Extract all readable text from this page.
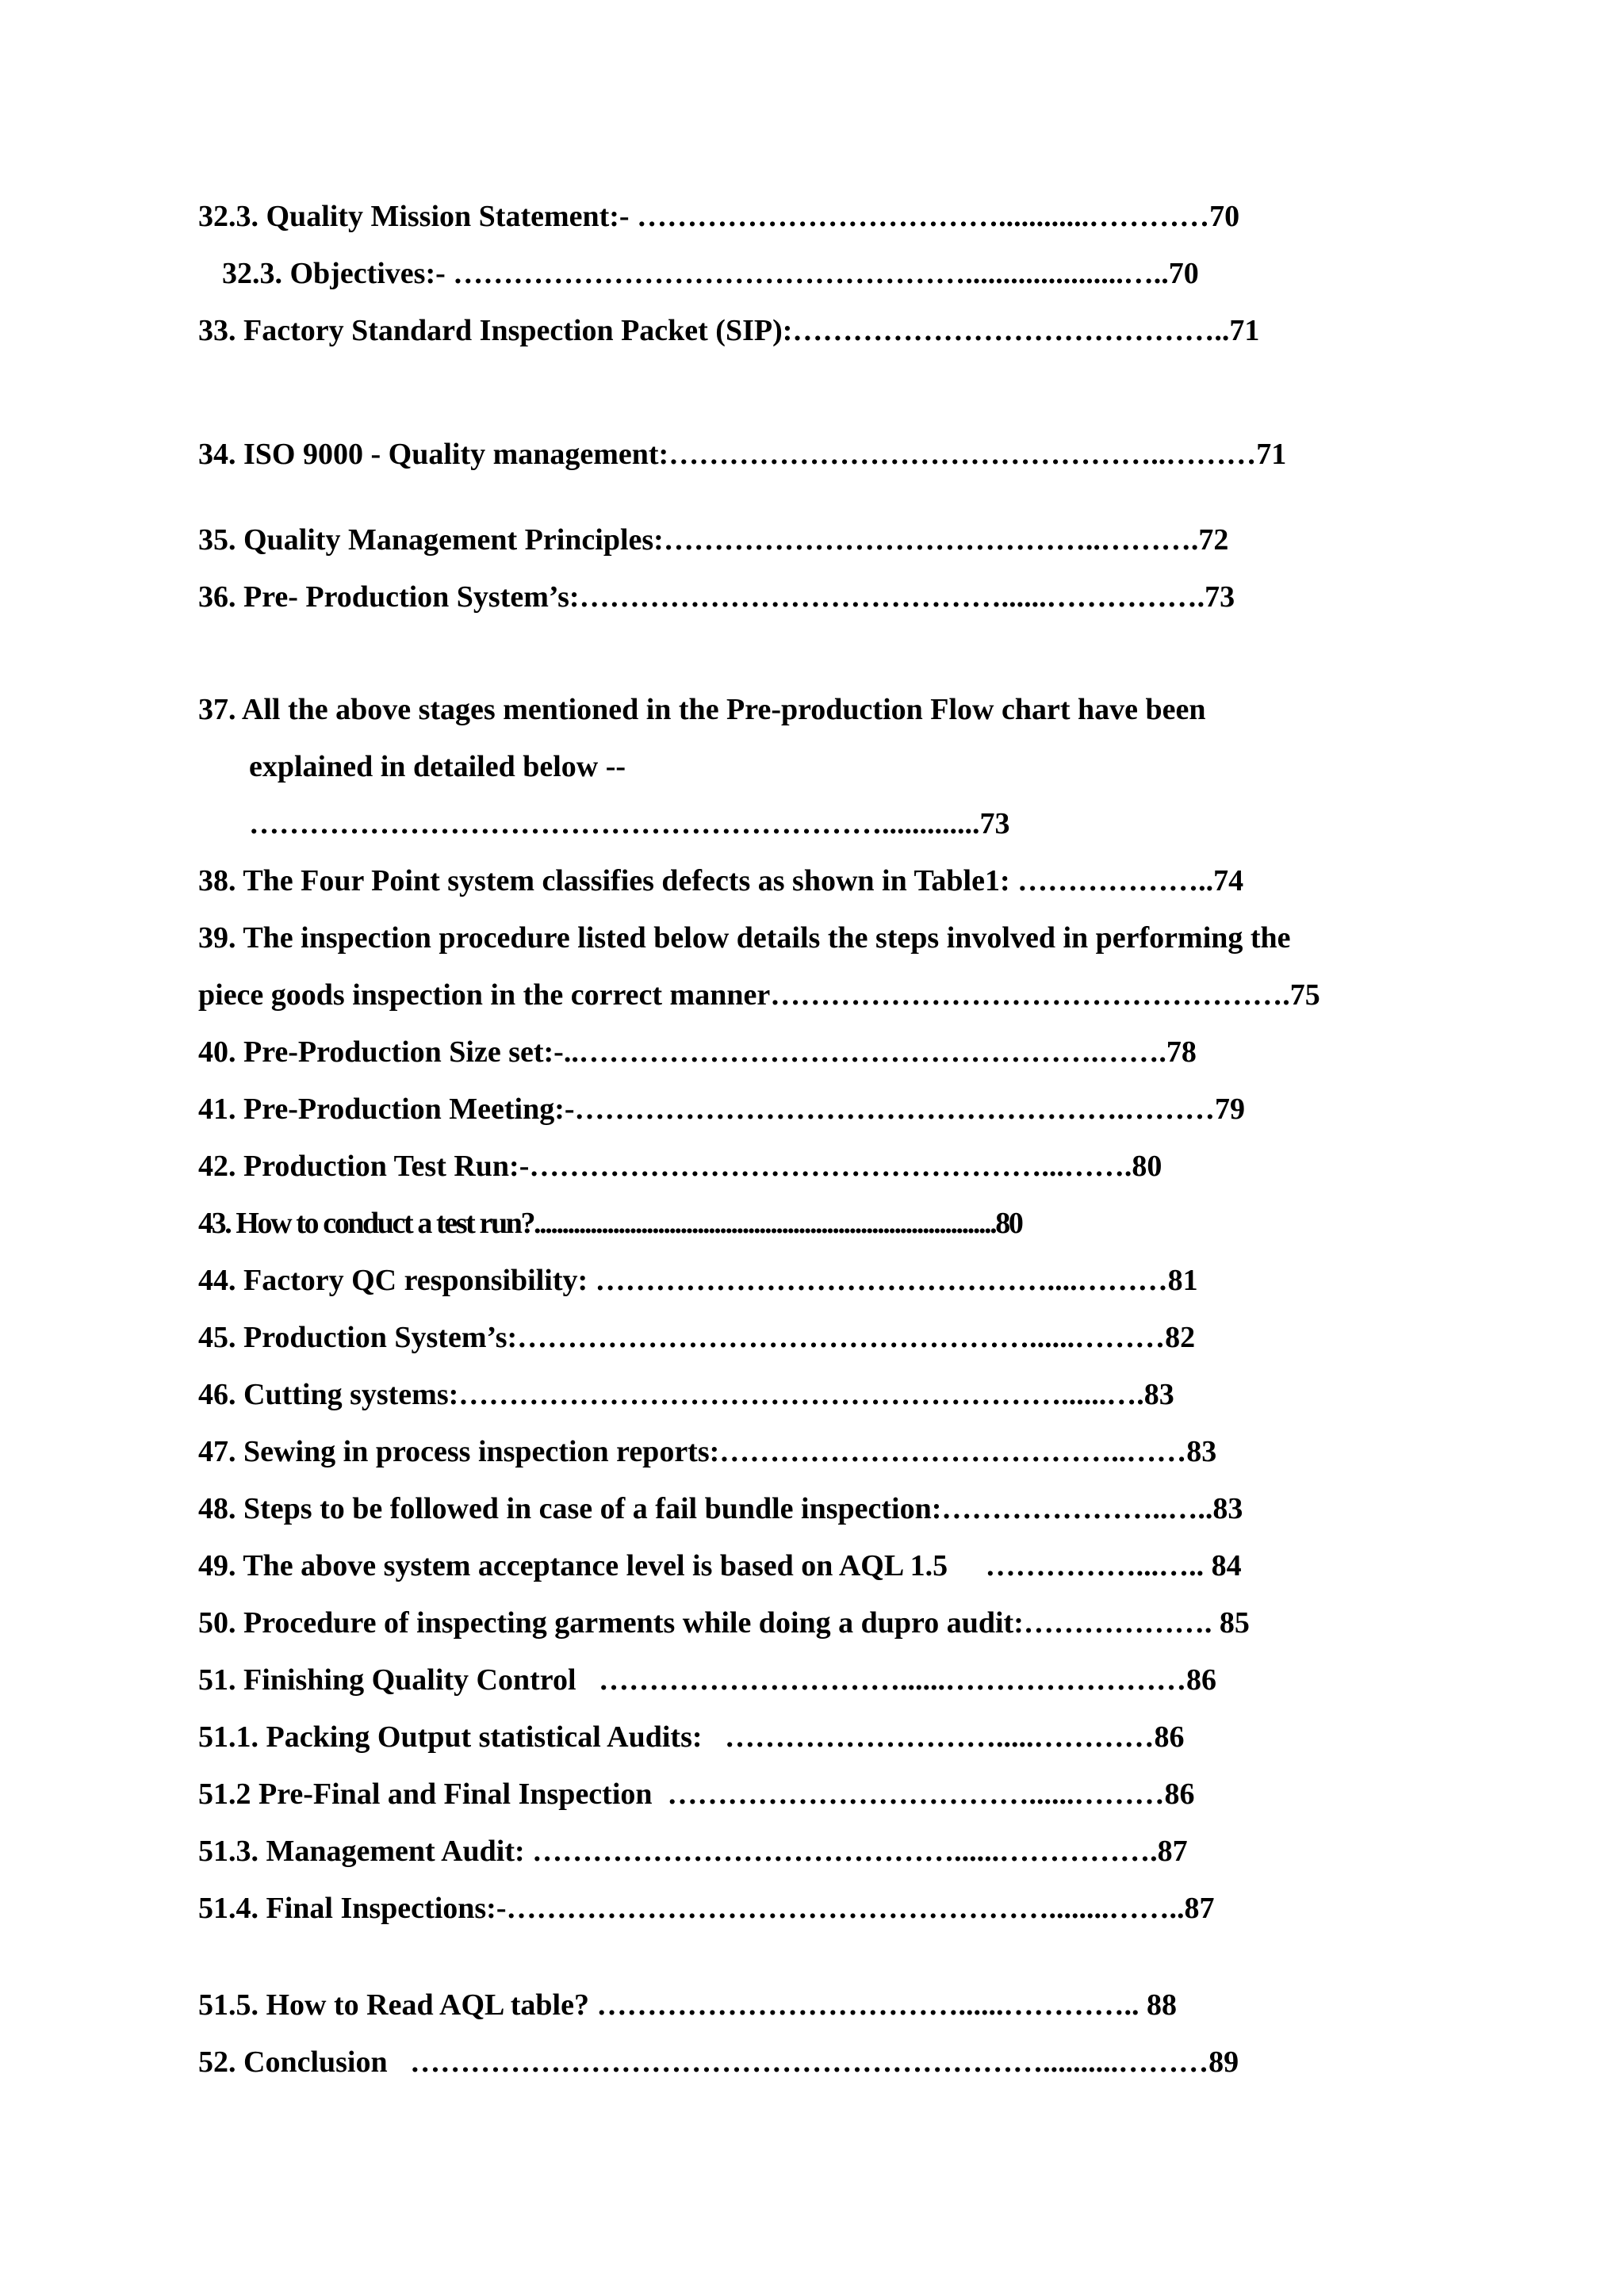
32.3. Quality Mission Statement:- ………………………………............…………70
32.3. Objectives:- …………………………………………….....................…..70
33. Factory Standard Inspection Packet (SIP):……………………………………..71
34. ISO 9000 - Quality management:…………………………………………..………71
35. Quality Management Principles:……………………………………..……….72
36. Pre- Production System’s:……………………………………......…………….73
37. All the above stages mentioned in the Pre-production Flow chart have been
explained in detailed below --
……………………………………………………….............73
38. The Four Point system classifies defects as shown in Table1: ………………..74
39. The inspection procedure listed below details the steps involved in performing the
piece goods inspection in the correct manner…………………………………………….75
40. Pre-Production Size set:-..…………………………………………….…….78
41. Pre-Production Meeting:-……………………………………………….………79
42. Production Test Run:-……………………………………………...…….80
43. How to conduct a test run?..................................................................................80
44. Factory QC responsibility: ………………………………………....………81
45. Production System’s:……………………………………………......………82
46. Cutting systems:……………………………………………………......….83
47. Sewing in process inspection reports:…………………………………..……83
48. Steps to be followed in case of a fail bundle inspection:…………………..…..83
49. The above system acceptance level is based on AQL 1.5     ……………...….. 84
50. Procedure of inspecting garments while doing a dupro audit:………………. 85
51. Finishing Quality Control   …………………………......……………………86
51.1. Packing Output statistical Audits:   ……………………….....…………86
51.2 Pre-Final and Final Inspection  ………………………………......………86
51.3. Management Audit: ……………………………………......…………….87
51.4. Final Inspections:-………………………………………………........……..87
51.5. How to Read AQL table? ………………………………......………….. 88
52. Conclusion   ………………………………………………………..........………89
